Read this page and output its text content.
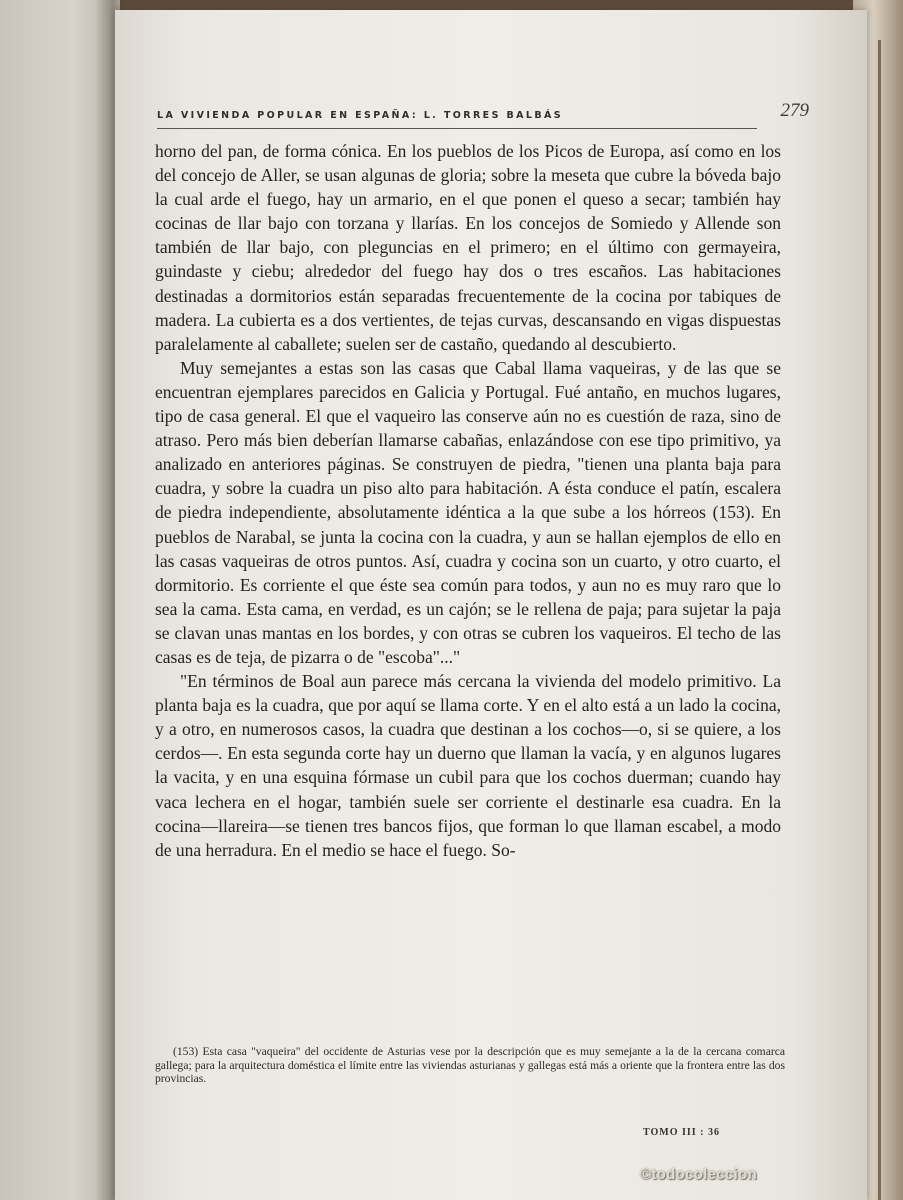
LA VIVIENDA POPULAR EN ESPAÑA: L. TORRES BALBÁS	279

horno del pan, de forma cónica. En los pueblos de los Picos de Europa, así como en los del concejo de Aller, se usan algunas de gloria; sobre la meseta que cubre la bóveda bajo la cual arde el fuego, hay un armario, en el que ponen el queso a secar; también hay cocinas de llar bajo con torzana y llarías. En los concejos de Somiedo y Allende son también de llar bajo, con pleguncias en el primero; en el último con germayeira, guindaste y ciebu; alrededor del fuego hay dos o tres escaños. Las habitaciones destinadas a dormitorios están separadas frecuentemente de la cocina por tabiques de madera. La cubierta es a dos vertientes, de tejas curvas, descansando en vigas dispuestas paralelamente al caballete; suelen ser de castaño, quedando al descubierto.

Muy semejantes a estas son las casas que Cabal llama vaqueiras, y de las que se encuentran ejemplares parecidos en Galicia y Portugal. Fué antaño, en muchos lugares, tipo de casa general. El que el vaqueiro las conserve aún no es cuestión de raza, sino de atraso. Pero más bien deberían llamarse cabañas, enlazándose con ese tipo primitivo, ya analizado en anteriores páginas. Se construyen de piedra, "tienen una planta baja para cuadra, y sobre la cuadra un piso alto para habitación. A ésta conduce el patín, escalera de piedra independiente, absolutamente idéntica a la que sube a los hórreos (153). En pueblos de Narabal, se junta la cocina con la cuadra, y aun se hallan ejemplos de ello en las casas vaqueiras de otros puntos. Así, cuadra y cocina son un cuarto, y otro cuarto, el dormitorio. Es corriente el que éste sea común para todos, y aun no es muy raro que lo sea la cama. Esta cama, en verdad, es un cajón; se le rellena de paja; para sujetar la paja se clavan unas mantas en los bordes, y con otras se cubren los vaqueiros. El techo de las casas es de teja, de pizarra o de "escoba"..."

"En términos de Boal aun parece más cercana la vivienda del modelo primitivo. La planta baja es la cuadra, que por aquí se llama corte. Y en el alto está a un lado la cocina, y a otro, en numerosos casos, la cuadra que destinan a los cochos—o, si se quiere, a los cerdos—. En esta segunda corte hay un duerno que llaman la vacía, y en algunos lugares la vacita, y en una esquina fórmase un cubil para que los cochos duerman; cuando hay vaca lechera en el hogar, también suele ser corriente el destinarle esa cuadra. En la cocina—llareira—se tienen tres bancos fijos, que forman lo que llaman escabel, a modo de una herradura. En el medio se hace el fuego. So-

(153) Esta casa "vaqueira" del occidente de Asturias vese por la descripción que es muy semejante a la de la cercana comarca gallega; para la arquitectura doméstica el límite entre las viviendas asturianas y gallegas está más a oriente que la frontera entre las dos provincias.

TOMO III : 36
©todocoleccion
